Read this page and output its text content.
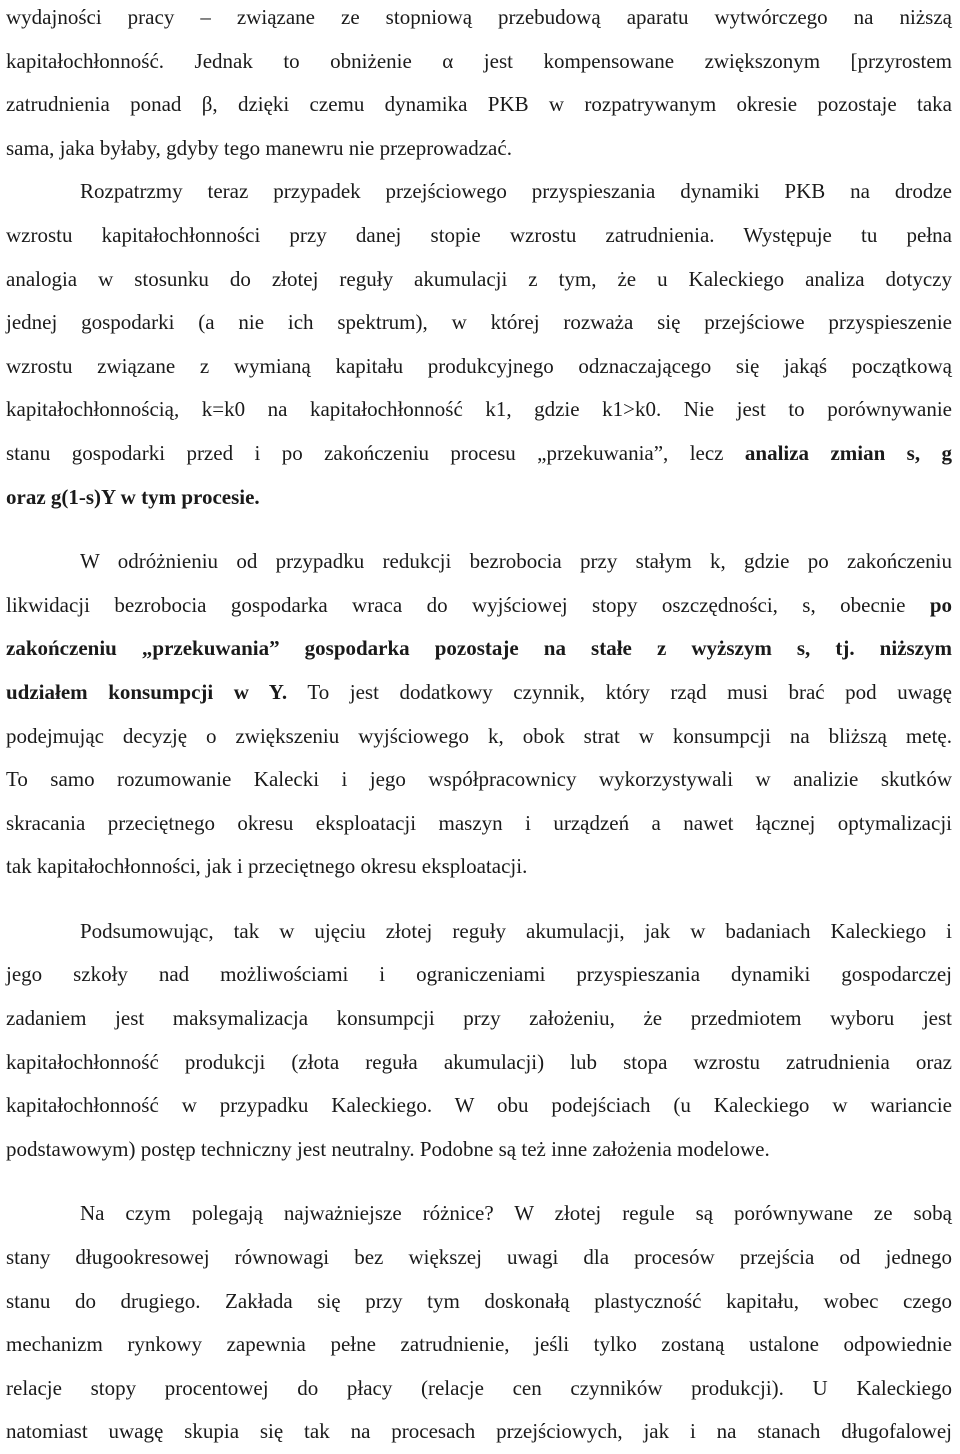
wydajności pracy – związane ze stopniową przebudową aparatu wytwórczego na niższą
kapitałochłonność. Jednak to obniżenie α jest kompensowane zwiększonym [przyrostem
zatrudnienia ponad β, dzięki czemu dynamika PKB w rozpatrywanym okresie pozostaje taka
sama, jaka byłaby, gdyby tego manewru nie przeprowadzać.
Rozpatrzmy teraz przypadek przejściowego przyspieszania dynamiki PKB na drodze
wzrostu kapitałochłonności przy danej stopie wzrostu zatrudnienia. Występuje tu pełna
analogia w stosunku do złotej reguły akumulacji z tym, że u Kaleckiego analiza dotyczy
jednej gospodarki (a nie ich spektrum), w której rozważa się przejściowe przyspieszenie
wzrostu związane z wymianą kapitału produkcyjnego odznaczającego się jakąś początkową
kapitałochłonnością, k=k0 na kapitałochłonność k1, gdzie k1>k0. Nie jest to porównywanie
stanu gospodarki przed i po zakończeniu procesu „przekuwania”, lecz analiza zmian s, g
oraz g(1-s)Y w tym procesie.
W odróżnieniu od przypadku redukcji bezrobocia przy stałym k, gdzie po zakończeniu
likwidacji bezrobocia gospodarka wraca do wyjściowej stopy oszczędności, s, obecnie po
zakończeniu „przekuwania” gospodarka pozostaje na stałe z wyższym s, tj. niższym
udziałem konsumpcji w Y. To jest dodatkowy czynnik, który rząd musi brać pod uwagę
podejmując decyzję o zwiększeniu wyjściowego k, obok strat w konsumpcji na bliższą metę.
To samo rozumowanie Kalecki i jego współpracownicy wykorzystywali w analizie skutków
skracania przeciętnego okresu eksploatacji maszyn i urządzeń a nawet łącznej optymalizacji
tak kapitałochłonności, jak i przeciętnego okresu eksploatacji.
Podsumowując, tak w ujęciu złotej reguły akumulacji, jak w badaniach Kaleckiego i
jego szkoły nad możliwościami i ograniczeniami przyspieszania dynamiki gospodarczej
zadaniem jest maksymalizacja konsumpcji przy założeniu, że przedmiotem wyboru jest
kapitałochłonność produkcji (złota reguła akumulacji) lub stopa wzrostu zatrudnienia oraz
kapitałochłonność w przypadku Kaleckiego. W obu podejściach (u Kaleckiego w wariancie
podstawowym) postęp techniczny jest neutralny. Podobne są też inne założenia modelowe.
Na czym polegają najważniejsze różnice? W złotej regule są porównywane ze sobą
stany długookresowej równowagi bez większej uwagi dla procesów przejścia od jednego
stanu do drugiego. Zakłada się przy tym doskonałą plastyczność kapitału, wobec czego
mechanizm rynkowy zapewnia pełne zatrudnienie, jeśli tylko zostaną ustalone odpowiednie
relacje stopy procentowej do płacy (relacje cen czynników produkcji). U Kaleckiego
natomiast uwagę skupia się tak na procesach przejściowych, jak i na stanach długofalowej
